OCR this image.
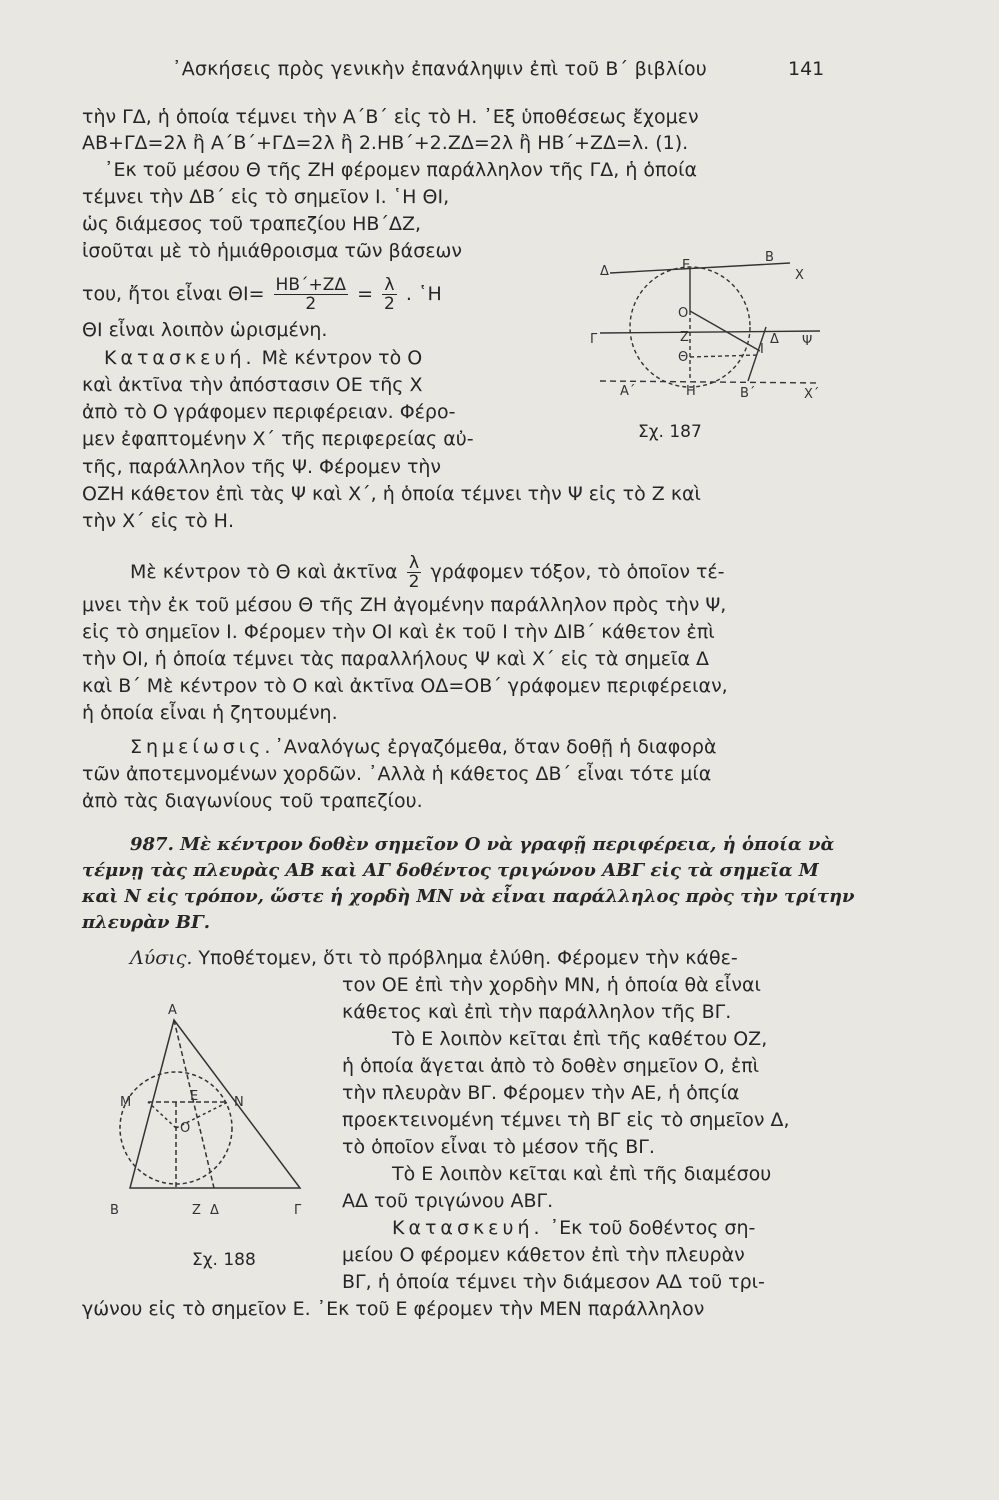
᾿Ασκήσεις πρὸς γενικὴν ἐπανάληψιν ἐπὶ τοῦ Β΄ βιβλίου	141
τὴν ΓΔ, ἡ ὁποία τέμνει τὴν Α΄Β΄ εἰς τὸ Η. ᾿Εξ ὑποθέσεως ἔχομεν
ΑΒ+ΓΔ=2λ ἢ Α΄Β΄+ΓΔ=2λ ἢ 2.ΗΒ΄+2.ΖΔ=2λ ἢ ΗΒ΄+ΖΔ=λ. (1).
᾿Εκ τοῦ μέσου Θ τῆς ΖΗ φέρομεν παράλληλον τῆς ΓΔ, ἡ ὁποία
τέμνει τὴν ΔΒ΄ εἰς τὸ σημεῖον Ι. ῾Η ΘΙ,
ὡς διάμεσος τοῦ τραπεζίου ΗΒ΄ΔΖ,
ἰσοῦται μὲ τὸ ἡμιάθροισμα τῶν βάσεων
του, ἤτοι εἶναι $\Theta I= \frac{HB΄+Z\Delta}{2} = \frac{\lambda}{2}$ . ῾Η
ΘΙ εἶναι λοιπὸν ὡρισμένη.
Κατασκευή. Μὲ κέντρον τὸ Ο
καὶ ἀκτῖνα τὴν ἀπόστασιν ΟΕ τῆς Χ
ἀπὸ τὸ Ο γράφομεν περιφέρειαν. Φέρο-
μεν ἐφαπτομένην Χ΄ τῆς περιφερείας αὐ-
τῆς, παράλληλον τῆς Ψ. Φέρομεν τὴν
ΟΖΗ κάθετον ἐπὶ τὰς Ψ καὶ Χ΄, ἡ ὁποία τέμνει τὴν Ψ εἰς τὸ Ζ καὶ
τὴν Χ΄ εἰς τὸ Η.
Δ	Ε
Β
Χ
Γ
Ο
Ζ
Θ
Ι
Δ Ψ
Α΄	Η	Β΄	Χ΄
Σχ. 187
Μὲ κέντρον τὸ Θ καὶ ἀκτῖνα $\frac{\lambda}{2}$ γράφομεν τόξον, τὸ ὁποῖον τέ-
μνει τὴν ἐκ τοῦ μέσου Θ τῆς ΖΗ ἀγομένην παράλληλον πρὸς τὴν Ψ,
εἰς τὸ σημεῖον Ι. Φέρομεν τὴν ΟΙ καὶ ἐκ τοῦ Ι τὴν ΔΙΒ΄ κάθετον ἐπὶ
τὴν ΟΙ, ἡ ὁποία τέμνει τὰς παραλλήλους Ψ καὶ Χ΄ εἰς τὰ σημεῖα Δ
καὶ Β΄ Μὲ κέντρον τὸ Ο καὶ ἀκτῖνα ΟΔ=ΟΒ΄ γράφομεν περιφέρειαν,
ἡ ὁποία εἶναι ἡ ζητουμένη.
Σημείωσις.᾿Αναλόγως ἐργαζόμεθα, ὅταν δοθῇ ἡ διαφορὰ
τῶν ἀποτεμνομένων χορδῶν. ᾿Αλλὰ ἡ κάθετος ΔΒ΄ εἶναι τότε μία
ἀπὸ τὰς διαγωνίους τοῦ τραπεζίου.
987. Μὲ κέντρον δοθὲν σημεῖον Ο νὰ γραφῇ περιφέρεια, ἡ ὁποία νὰ
τέμνῃ τὰς πλευρὰς ΑΒ καὶ ΑΓ δοθέντος τριγώνου ΑΒΓ εἰς τὰ σημεῖα Μ
καὶ Ν εἰς τρόπον, ὥστε ἡ χορδὴ ΜΝ νὰ εἶναι παράλληλος πρὸς τὴν τρίτην
πλευρὰν ΒΓ.
Λύσις. Υποθέτομεν, ὅτι τὸ πρόβλημα ἐλύθη. Φέρομεν τὴν κάθε-
τον ΟΕ ἐπὶ τὴν χορδὴν ΜΝ, ἡ ὁποία θὰ εἶναι
κάθετος καὶ ἐπὶ τὴν παράλληλον τῆς ΒΓ.
Τὸ Ε λοιπὸν κεῖται ἐπὶ τῆς καθέτου ΟΖ,
ἡ ὁποία ἄγεται ἀπὸ τὸ δοθὲν σημεῖον Ο, ἐπὶ
τὴν πλευρὰν ΒΓ. Φέρομεν τὴν ΑΕ, ἡ ὁπςία
προεκτεινομένη τέμνει τὴ ΒΓ εἰς τὸ σημεῖον Δ,
τὸ ὁποῖον εἶναι τὸ μέσον τῆς ΒΓ.
Τὸ Ε λοιπὸν κεῖται καὶ ἐπὶ τῆς διαμέσου
ΑΔ τοῦ τριγώνου ΑΒΓ.
Κατασκευή. ᾿Εκ τοῦ δοθέντος ση-
μείου Ο φέρομεν κάθετον ἐπὶ τὴν πλευρὰν
ΒΓ, ἡ ὁποία τέμνει τὴν διάμεσον ΑΔ τοῦ τρι-
γώνου εἰς τὸ σημεῖον Ε. ᾿Εκ τοῦ Ε φέρομεν τὴν ΜΕΝ παράλληλον
Α
Μ	Ε	Ν
Ο
Β	Ζ Δ	Γ
Σχ. 188
